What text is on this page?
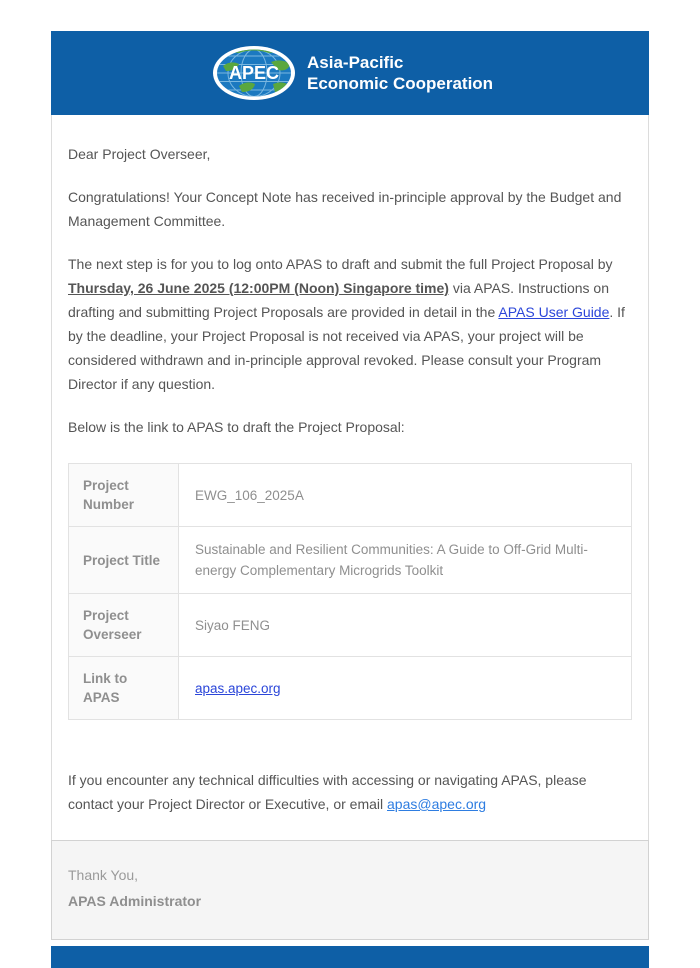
APEC
Asia-Pacific
Economic Cooperation

Dear Project Overseer,

Congratulations! Your Concept Note has received in-principle approval by the Budget and Management Committee.

The next step is for you to log onto APAS to draft and submit the full Project Proposal by Thursday, 26 June 2025 (12:00PM (Noon) Singapore time) via APAS. Instructions on drafting and submitting Project Proposals are provided in detail in the APAS User Guide. If by the deadline, your Project Proposal is not received via APAS, your project will be considered withdrawn and in-principle approval revoked. Please consult your Program Director if any question.

Below is the link to APAS to draft the Project Proposal:

Project Number	EWG_106_2025A
Project Title	Sustainable and Resilient Communities: A Guide to Off-Grid Multi-energy Complementary Microgrids Toolkit
Project Overseer	Siyao FENG
Link to APAS	apas.apec.org

If you encounter any technical difficulties with accessing or navigating APAS, please contact your Project Director or Executive, or email apas@apec.org

Thank You,
APAS Administrator
